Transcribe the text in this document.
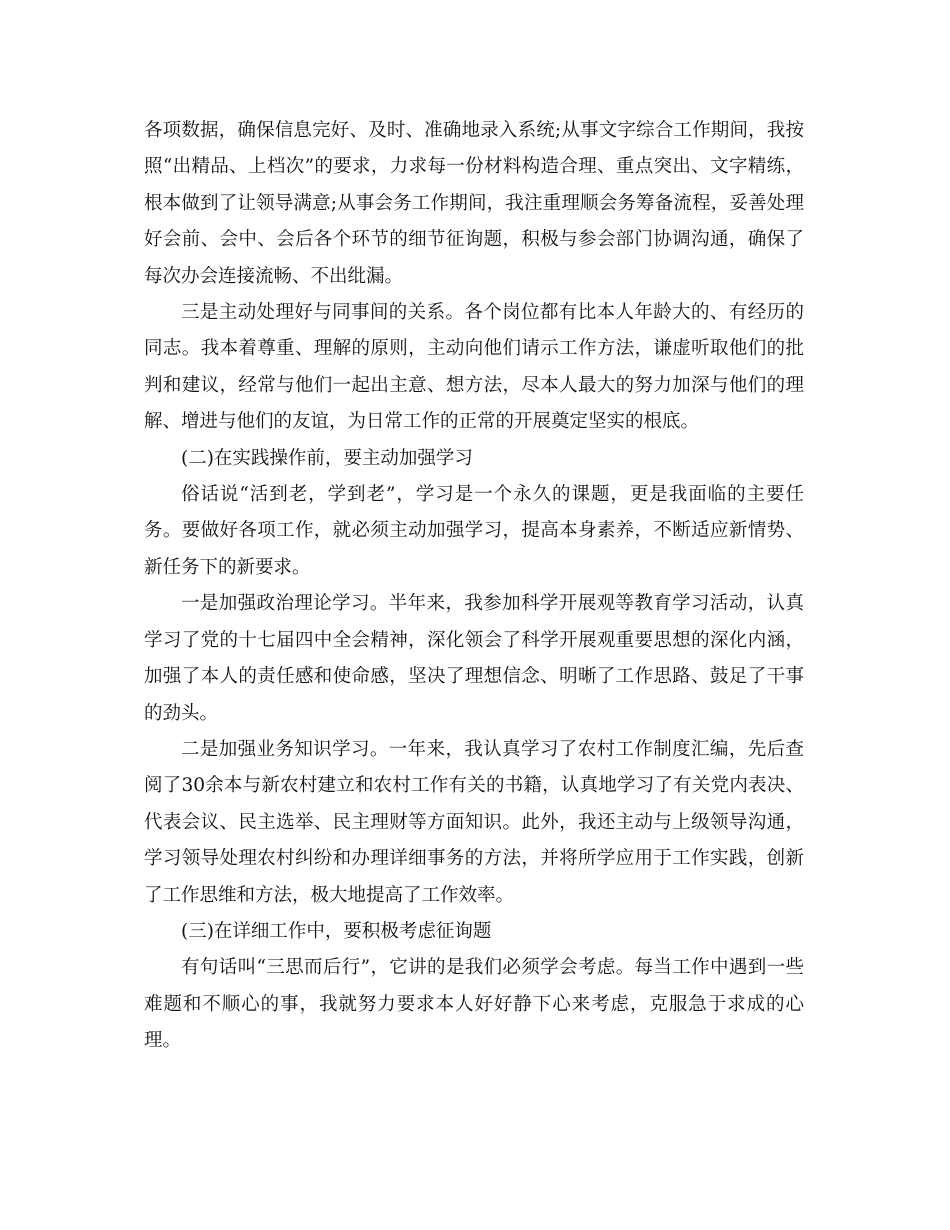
各项数据，确保信息完好、及时、准确地录入系统;从事文字综合工作期间，我按照“出精品、上档次”的要求，力求每一份材料构造合理、重点突出、文字精练，根本做到了让领导满意;从事会务工作期间，我注重理顺会务筹备流程，妥善处理好会前、会中、会后各个环节的细节征询题，积极与参会部门协调沟通，确保了每次办会连接流畅、不出纰漏。

三是主动处理好与同事间的关系。各个岗位都有比本人年龄大的、有经历的同志。我本着尊重、理解的原则，主动向他们请示工作方法，谦虚听取他们的批判和建议，经常与他们一起出主意、想方法，尽本人最大的努力加深与他们的理解、增进与他们的友谊，为日常工作的正常的开展奠定坚实的根底。

(二)在实践操作前，要主动加强学习

俗话说“活到老，学到老”，学习是一个永久的课题，更是我面临的主要任务。要做好各项工作，就必须主动加强学习，提高本身素养，不断适应新情势、新任务下的新要求。

一是加强政治理论学习。半年来，我参加科学开展观等教育学习活动，认真学习了党的十七届四中全会精神，深化领会了科学开展观重要思想的深化内涵，加强了本人的责任感和使命感，坚决了理想信念、明晰了工作思路、鼓足了干事的劲头。

二是加强业务知识学习。一年来，我认真学习了农村工作制度汇编，先后查阅了30余本与新农村建立和农村工作有关的书籍，认真地学习了有关党内表决、代表会议、民主选举、民主理财等方面知识。此外，我还主动与上级领导沟通，学习领导处理农村纠纷和办理详细事务的方法，并将所学应用于工作实践，创新了工作思维和方法，极大地提高了工作效率。

(三)在详细工作中，要积极考虑征询题

有句话叫“三思而后行”，它讲的是我们必须学会考虑。每当工作中遇到一些难题和不顺心的事，我就努力要求本人好好静下心来考虑，克服急于求成的心理。
